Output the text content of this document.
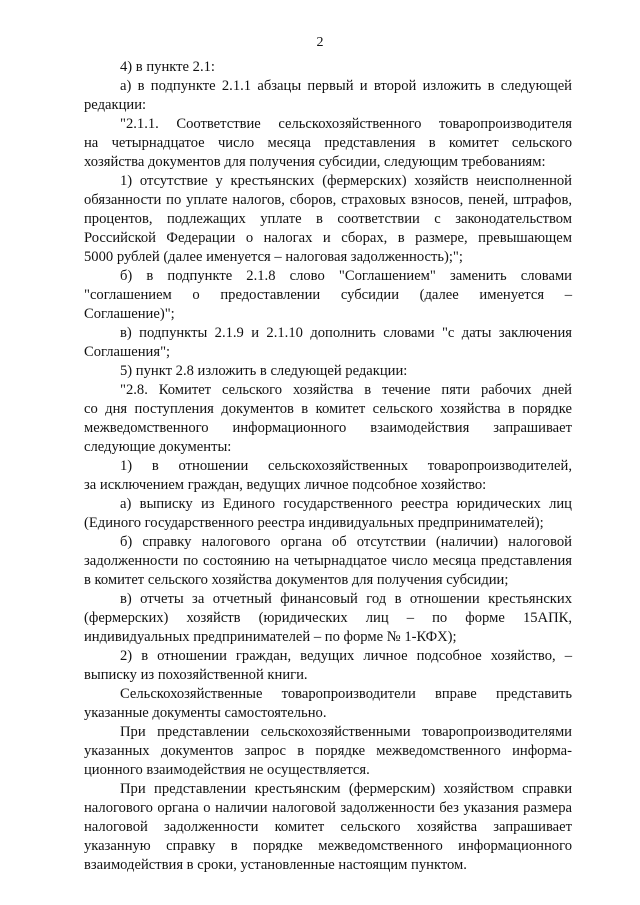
2
4) в пункте 2.1:
а) в подпункте 2.1.1 абзацы первый и второй изложить в следующей
редакции:
"2.1.1. Соответствие сельскохозяйственного товаропроизводителя
на четырнадцатое число месяца представления в комитет сельского
хозяйства документов для получения субсидии, следующим требованиям:
1) отсутствие у крестьянских (фермерских) хозяйств неисполненной
обязанности по уплате налогов, сборов, страховых взносов, пеней, штрафов,
процентов, подлежащих уплате в соответствии с законодательством
Российской Федерации о налогах и сборах, в размере, превышающем
5000 рублей (далее именуется – налоговая задолженность);";
б) в подпункте 2.1.8 слово "Соглашением" заменить словами
"соглашением о предоставлении субсидии (далее именуется –
Соглашение)";
в) подпункты 2.1.9 и 2.1.10 дополнить словами "с даты заключения
Соглашения";
5) пункт 2.8 изложить в следующей редакции:
"2.8. Комитет сельского хозяйства в течение пяти рабочих дней
со дня поступления документов в комитет сельского хозяйства в порядке
межведомственного информационного взаимодействия запрашивает
следующие документы:
1) в отношении сельскохозяйственных товаропроизводителей,
за исключением граждан, ведущих личное подсобное хозяйство:
а) выписку из Единого государственного реестра юридических лиц
(Единого государственного реестра индивидуальных предпринимателей);
б) справку налогового органа об отсутствии (наличии) налоговой
задолженности по состоянию на четырнадцатое число месяца представления
в комитет сельского хозяйства документов для получения субсидии;
в) отчеты за отчетный финансовый год в отношении крестьянских
(фермерских) хозяйств (юридических лиц – по форме 15АПК,
индивидуальных предпринимателей – по форме № 1-КФХ);
2) в отношении граждан, ведущих личное подсобное хозяйство, –
выписку из похозяйственной книги.
Сельскохозяйственные товаропроизводители вправе представить
указанные документы самостоятельно.
При представлении сельскохозяйственными товаропроизводителями
указанных документов запрос в порядке межведомственного информа-
ционного взаимодействия не осуществляется.
При представлении крестьянским (фермерским) хозяйством справки
налогового органа о наличии налоговой задолженности без указания размера
налоговой задолженности комитет сельского хозяйства запрашивает
указанную справку в порядке межведомственного информационного
взаимодействия в сроки, установленные настоящим пунктом.
